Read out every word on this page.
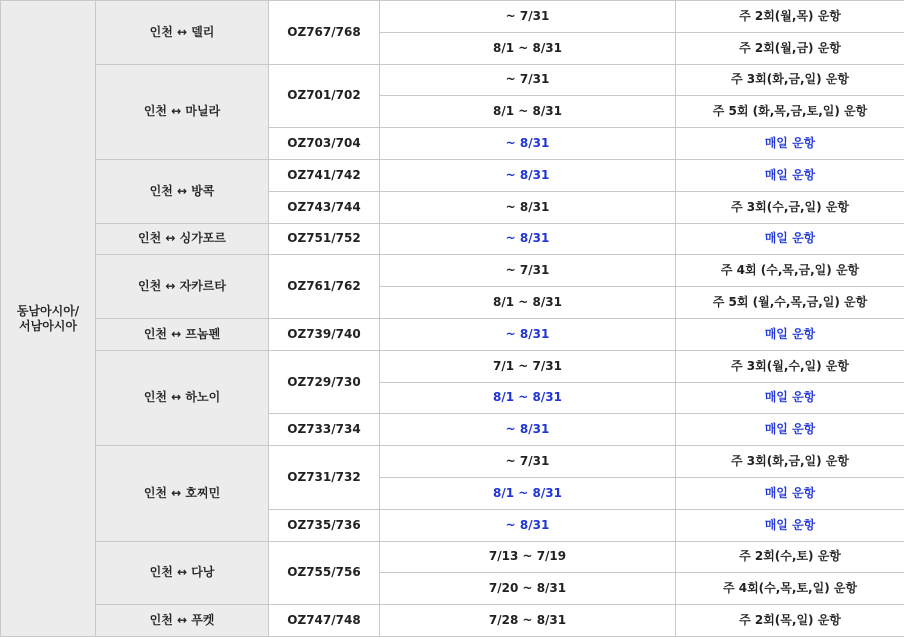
동남아시아/
서남아시아	인천 ↔ 델리	OZ767/768	~ 7/31	주 2회(월,목) 운항
			8/1 ~ 8/31	주 2회(월,금) 운항
	인천 ↔ 마닐라	OZ701/702	~ 7/31	주 3회(화,금,일) 운항
			8/1 ~ 8/31	주 5회 (화,목,금,토,일) 운항
		OZ703/704	~ 8/31	매일 운항
	인천 ↔ 방콕	OZ741/742	~ 8/31	매일 운항
		OZ743/744	~ 8/31	주 3회(수,금,일) 운항
	인천 ↔ 싱가포르	OZ751/752	~ 8/31	매일 운항
	인천 ↔ 자카르타	OZ761/762	~ 7/31	주 4회 (수,목,금,일) 운항
			8/1 ~ 8/31	주 5회 (월,수,목,금,일) 운항
	인천 ↔ 프놈펜	OZ739/740	~ 8/31	매일 운항
	인천 ↔ 하노이	OZ729/730	7/1 ~ 7/31	주 3회(월,수,일) 운항
			8/1 ~ 8/31	매일 운항
		OZ733/734	~ 8/31	매일 운항
	인천 ↔ 호찌민	OZ731/732	~ 7/31	주 3회(화,금,일) 운항
			8/1 ~ 8/31	매일 운항
		OZ735/736	~ 8/31	매일 운항
	인천 ↔ 다낭	OZ755/756	7/13 ~ 7/19	주 2회(수,토) 운항
			7/20 ~ 8/31	주 4회(수,목,토,일) 운항
	인천 ↔ 푸켓	OZ747/748	7/28 ~ 8/31	주 2회(목,일) 운항
